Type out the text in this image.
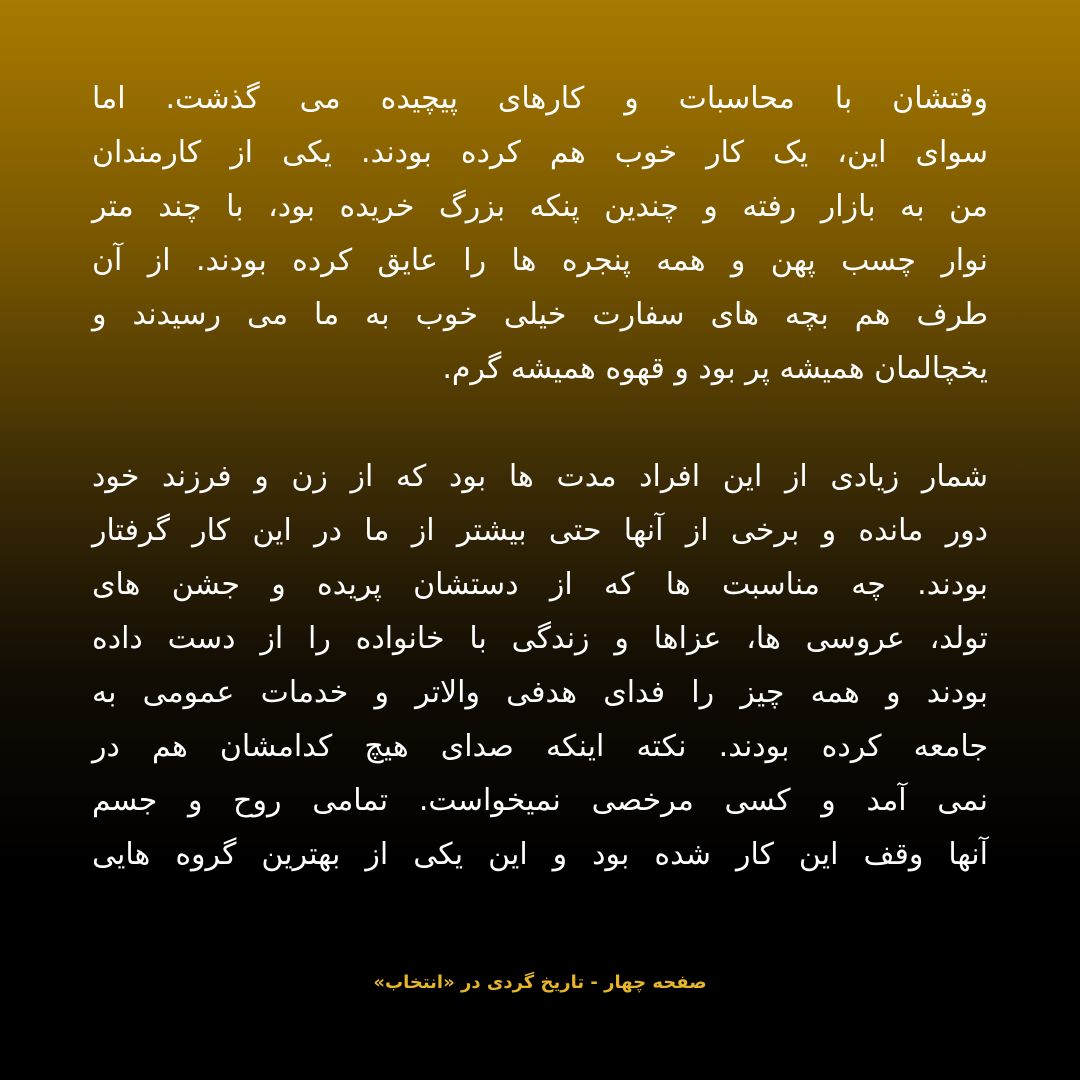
وقتشان با محاسبات و کارهای پیچیده می گذشت. اما
سوای این، یک کار خوب هم کرده بودند. یکی از کارمندان
من به بازار رفته و چندین پنکه بزرگ خریده بود، با چند متر
نوار چسب پهن و همه پنجره ها را عایق کرده بودند. از آن
طرف هم بچه های سفارت خیلی خوب به ما می رسیدند و
یخچالمان همیشه پر بود و قهوه همیشه گرم.
شمار زیادی از این افراد مدت ها بود که از زن و فرزند خود
دور مانده و برخی از آنها حتی بیشتر از ما در این کار گرفتار
بودند. چه مناسبت ها که از دستشان پریده و جشن های
تولد، عروسی ها، عزاها و زندگی با خانواده را از دست داده
بودند و همه چیز را فدای هدفی والاتر و خدمات عمومی به
جامعه کرده بودند. نکته اینکه صدای هیچ کدامشان هم در
نمی آمد و کسی مرخصی نمیخواست. تمامی روح و جسم
آنها وقف این کار شده بود و این یکی از بهترین گروه هایی
صفحه چهار - تاریخ گردی در «انتخاب»
